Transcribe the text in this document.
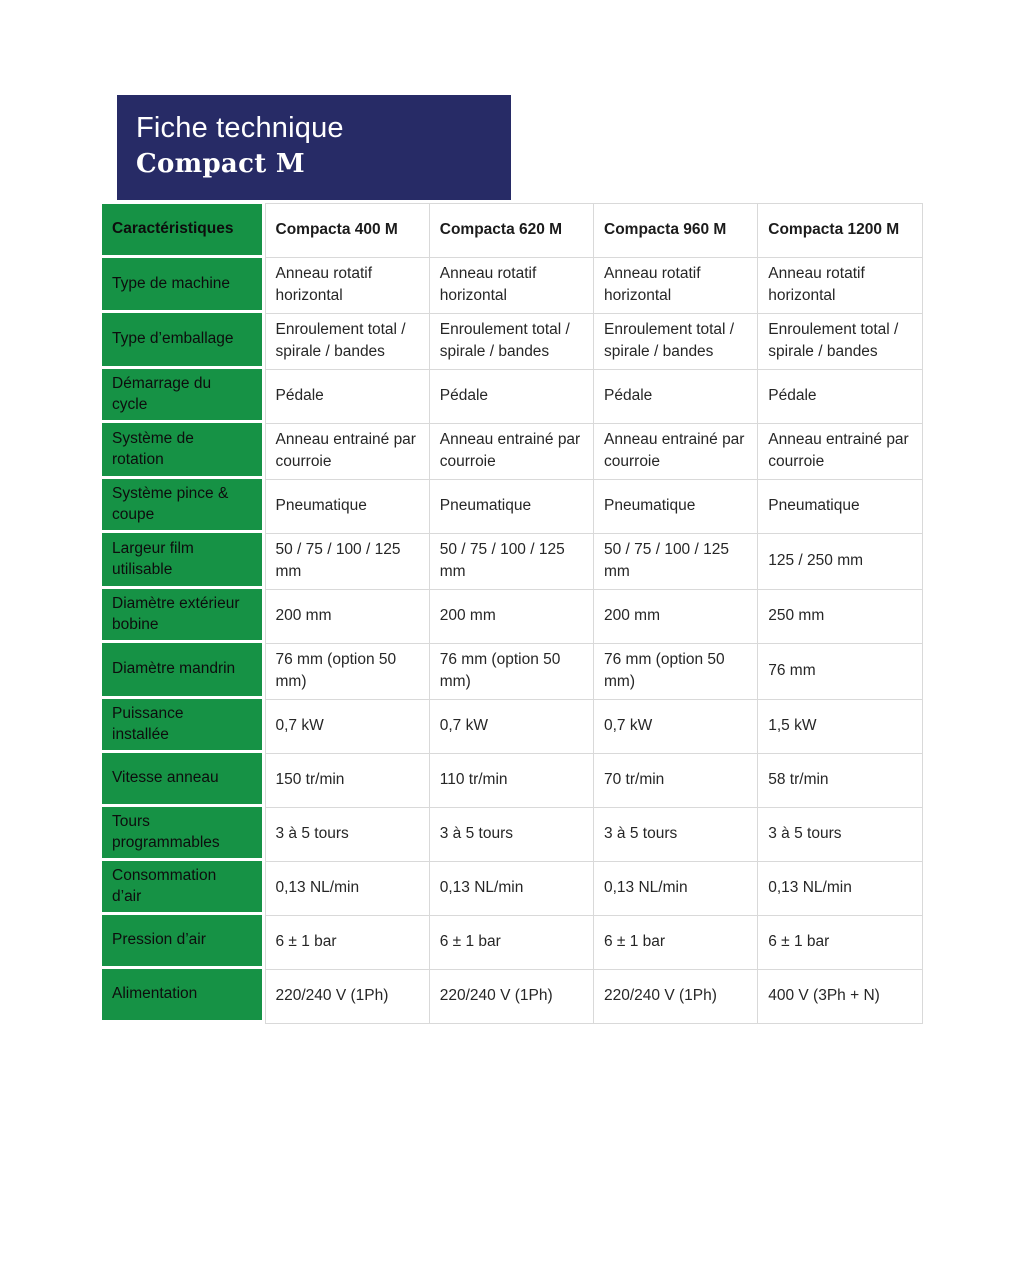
Fiche technique
Compact M
Caractéristiques	Compacta 400 M	Compacta 620 M	Compacta 960 M	Compacta 1200 M

Type de machine	Anneau rotatif horizontal	Anneau rotatif horizontal	Anneau rotatif horizontal	Anneau rotatif horizontal

Type d’emballage	Enroulement total / spirale / bandes	Enroulement total / spirale / bandes	Enroulement total / spirale / bandes	Enroulement total / spirale / bandes

Démarrage du cycle	Pédale	Pédale	Pédale	Pédale

Système de rotation	Anneau entrainé par courroie	Anneau entrainé par courroie	Anneau entrainé par courroie	Anneau entrainé par courroie

Système pince & coupe	Pneumatique	Pneumatique	Pneumatique	Pneumatique

Largeur film utilisable	50 / 75 / 100 / 125 mm	50 / 75 / 100 / 125 mm	50 / 75 / 100 / 125 mm	125 / 250 mm

Diamètre extérieur bobine	200 mm	200 mm	200 mm	250 mm

Diamètre mandrin	76 mm (option 50 mm)	76 mm (option 50 mm)	76 mm (option 50 mm)	76 mm

Puissance installée	0,7 kW	0,7 kW	0,7 kW	1,5 kW

Vitesse anneau	150 tr/min	110 tr/min	70 tr/min	58 tr/min

Tours programmables	3 à 5 tours	3 à 5 tours	3 à 5 tours	3 à 5 tours

Consommation d’air	0,13 NL/min	0,13 NL/min	0,13 NL/min	0,13 NL/min

Pression d’air	6 ± 1 bar	6 ± 1 bar	6 ± 1 bar	6 ± 1 bar

Alimentation	220/240 V (1Ph)	220/240 V (1Ph)	220/240 V (1Ph)	400 V (3Ph + N)
